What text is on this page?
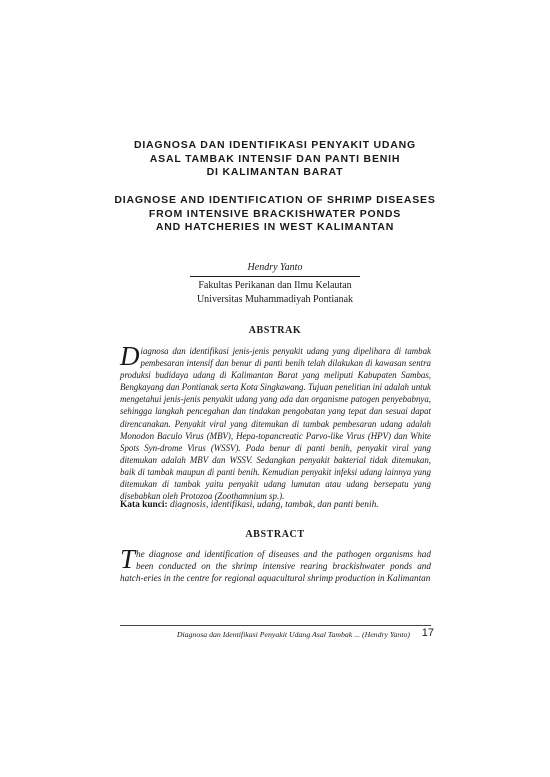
DIAGNOSA DAN IDENTIFIKASI PENYAKIT UDANG
ASAL TAMBAK INTENSIF DAN PANTI BENIH
DI KALIMANTAN BARAT
DIAGNOSE AND IDENTIFICATION OF SHRIMP DISEASES
FROM INTENSIVE BRACKISHWATER PONDS
AND HATCHERIES IN WEST KALIMANTAN
Hendry Yanto
Fakultas Perikanan dan Ilmu Kelautan
Universitas Muhammadiyah Pontianak
ABSTRAK

Diagnosa dan identifikasi jenis-jenis penyakit udang yang dipelihara di tambak pembesaran intensif dan benur di panti benih telah dilakukan di kawasan sentra produksi budidaya udang di Kalimantan Barat yang meliputi Kabupaten Sambas, Bengkayang dan Pontianak serta Kota Singkawang. Tujuan penelitian ini adalah untuk mengetahui jenis-jenis penyakit udang yang ada dan organisme patogen penyebabnya, sehingga langkah pencegahan dan tindakan pengobatan yang tepat dan sesuai dapat direncanakan. Penyakit viral yang ditemukan di tambak pembesaran udang adalah Monodon Baculo Virus (MBV), Hepa-topancreatic Parvo-like Virus (HPV) dan White Spots Syn-drome Virus (WSSV). Pada benur di panti benih, penyakit viral yang ditemukan adalah MBV dan WSSV. Sedangkan penyakit bakterial tidak ditemukan, baik di tambak maupun di panti benih. Kemudian penyakit infeksi udang lainnya yang ditemukan di tambak yaitu penyakit udang lumutan atau udang bersepatu yang disebabkan oleh Protozoa (Zoothamnium sp.).

Kata kunci: diagnosis, identifikasi, udang, tambak, dan panti benih.
ABSTRACT

The diagnose and identification of diseases and the pathogen organisms had been conducted on the shrimp intensive rearing brackishwater ponds and hatch-eries in the centre for regional aquacultural shrimp production in Kalimantan

Diagnosa dan Identifikasi Penyakit Udang Asal Tambak ... (Hendry Yanto)	17
